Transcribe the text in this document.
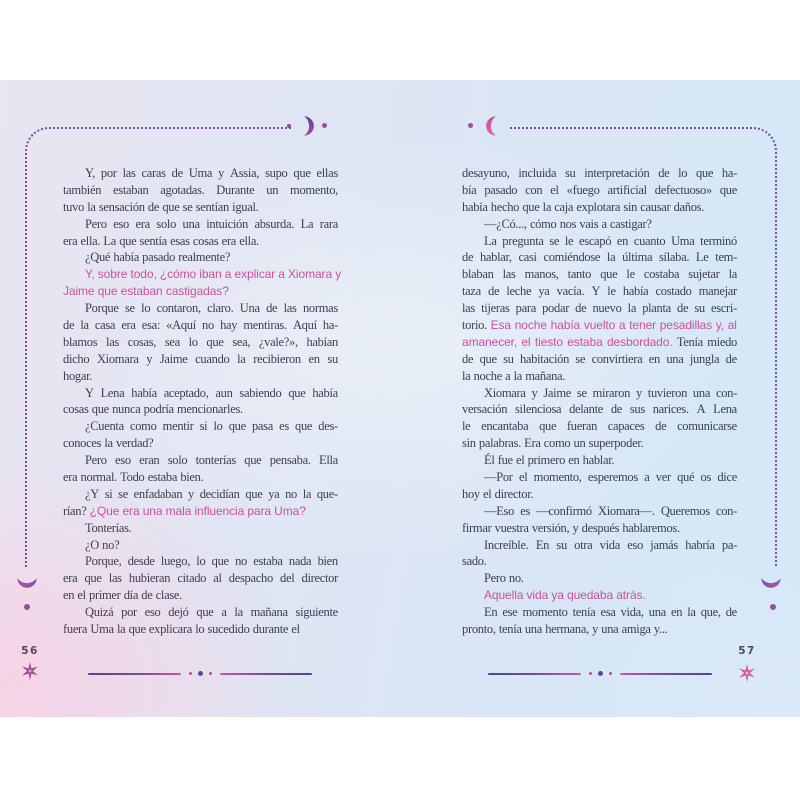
Y, por las caras de Uma y Assia, supo que ellas
también estaban agotadas. Durante un momento,
tuvo la sensación de que se sentían igual.
Pero eso era solo una intuición absurda. La rara
era ella. La que sentía esas cosas era ella.
¿Qué había pasado realmente?
Y, sobre todo, ¿cómo iban a explicar a Xiomara y
Jaime que estaban castigadas?
Porque se lo contaron, claro. Una de las normas
de la casa era esa: «Aquí no hay mentiras. Aquí ha-
blamos las cosas, sea lo que sea, ¿vale?», habían
dicho Xiomara y Jaime cuando la recibieron en su
hogar.
Y Lena había aceptado, aun sabiendo que había
cosas que nunca podría mencionarles.
¿Cuenta como mentir si lo que pasa es que des-
conoces la verdad?
Pero eso eran solo tonterías que pensaba. Ella
era normal. Todo estaba bien.
¿Y si se enfadaban y decidían que ya no la que-
rían? ¿Que era una mala influencia para Uma?
Tonterías.
¿O no?
Porque, desde luego, lo que no estaba nada bien
era que las hubieran citado al despacho del director
en el primer día de clase.
Quizá por eso dejó que a la mañana siguiente
fuera Uma la que explicara lo sucedido durante el
desayuno, incluida su interpretación de lo que ha-
bía pasado con el «fuego artificial defectuoso» que
había hecho que la caja explotara sin causar daños.
—¿Có..., cómo nos vais a castigar?
La pregunta se le escapó en cuanto Uma terminó
de hablar, casi comiéndose la última sílaba. Le tem-
blaban las manos, tanto que le costaba sujetar la
taza de leche ya vacía. Y le había costado manejar
las tijeras para podar de nuevo la planta de su escri-
torio. Esa noche había vuelto a tener pesadillas y, al
amanecer, el tiesto estaba desbordado. Tenía miedo
de que su habitación se convirtiera en una jungla de
la noche a la mañana.
Xiomara y Jaime se miraron y tuvieron una con-
versación silenciosa delante de sus narices. A Lena
le encantaba que fueran capaces de comunicarse
sin palabras. Era como un superpoder.
Él fue el primero en hablar.
—Por el momento, esperemos a ver qué os dice
hoy el director.
—Eso es —confirmó Xiomara—. Queremos con-
firmar vuestra versión, y después hablaremos.
Increíble. En su otra vida eso jamás habría pa-
sado.
Pero no.
Aquella vida ya quedaba atrás.
En ese momento tenía esa vida, una en la que, de
pronto, tenía una hermana, y una amiga y...
56	57
